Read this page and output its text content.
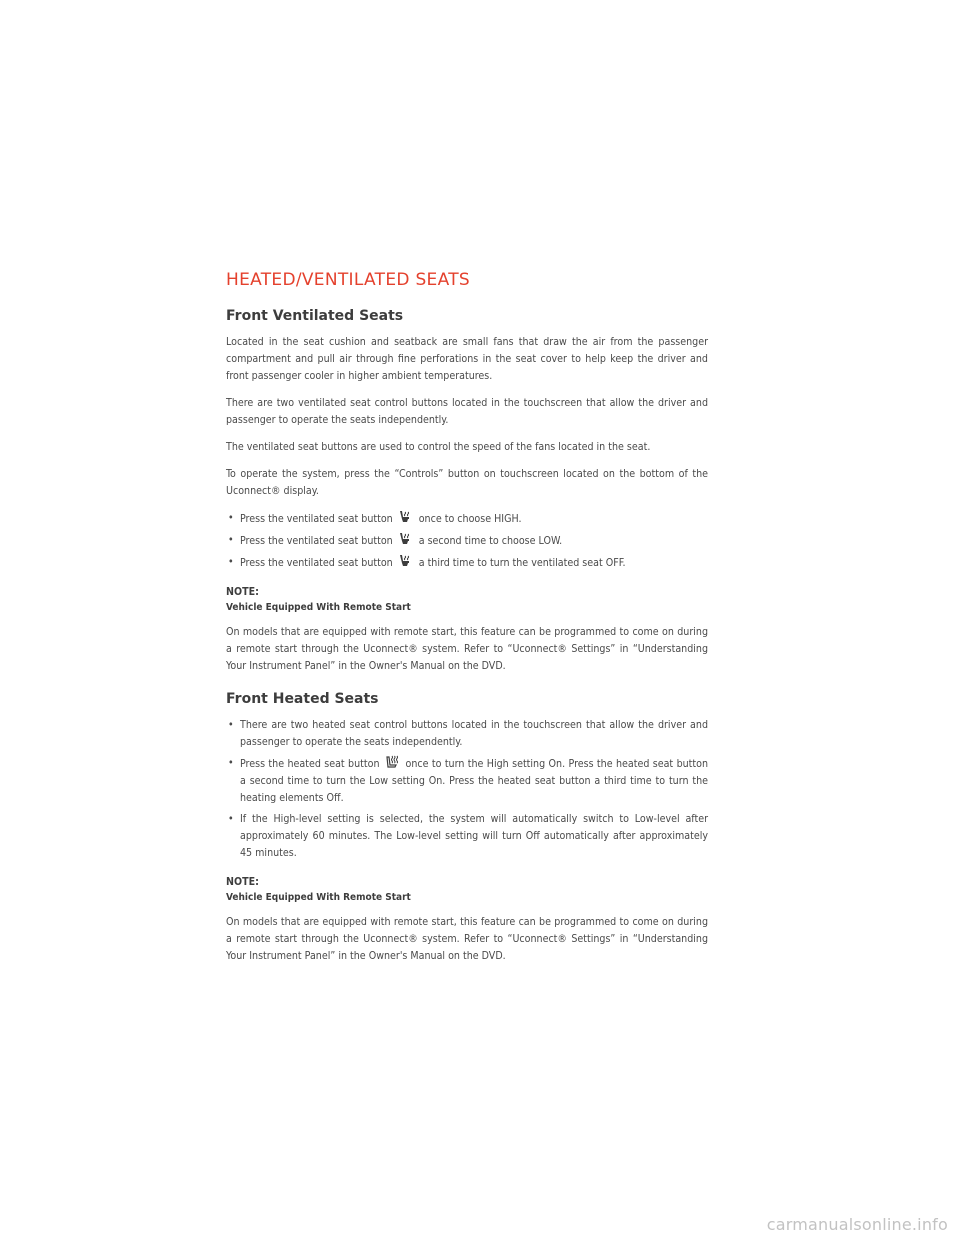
HEATED/VENTILATED SEATS
Front Ventilated Seats

Located in the seat cushion and seatback are small fans that draw the air from the passenger compartment and pull air through fine perforations in the seat cover to help keep the driver and front passenger cooler in higher ambient temperatures.

There are two ventilated seat control buttons located in the touchscreen that allow the driver and passenger to operate the seats independently.

The ventilated seat buttons are used to control the speed of the fans located in the seat.

To operate the system, press the “Controls” button on touchscreen located on the bottom of the Uconnect® display.

• Press the ventilated seat button once to choose HIGH.
• Press the ventilated seat button a second time to choose LOW.
• Press the ventilated seat button a third time to turn the ventilated seat OFF.
NOTE:
Vehicle Equipped With Remote Start

On models that are equipped with remote start, this feature can be programmed to come on during a remote start through the Uconnect® system. Refer to “Uconnect® Settings” in “Understanding Your Instrument Panel” in the Owner's Manual on the DVD.

Front Heated Seats
• There are two heated seat control buttons located in the touchscreen that allow the driver and passenger to operate the seats independently.
• Press the heated seat button once to turn the High setting On. Press the heated seat button a second time to turn the Low setting On. Press the heated seat button a third time to turn the heating elements Off.
• If the High-level setting is selected, the system will automatically switch to Low-level after approximately 60 minutes. The Low-level setting will turn Off automatically after approximately 45 minutes.
NOTE:
Vehicle Equipped With Remote Start

On models that are equipped with remote start, this feature can be programmed to come on during a remote start through the Uconnect® system. Refer to “Uconnect® Settings” in “Understanding Your Instrument Panel” in the Owner's Manual on the DVD.

carmanualsonline.info
